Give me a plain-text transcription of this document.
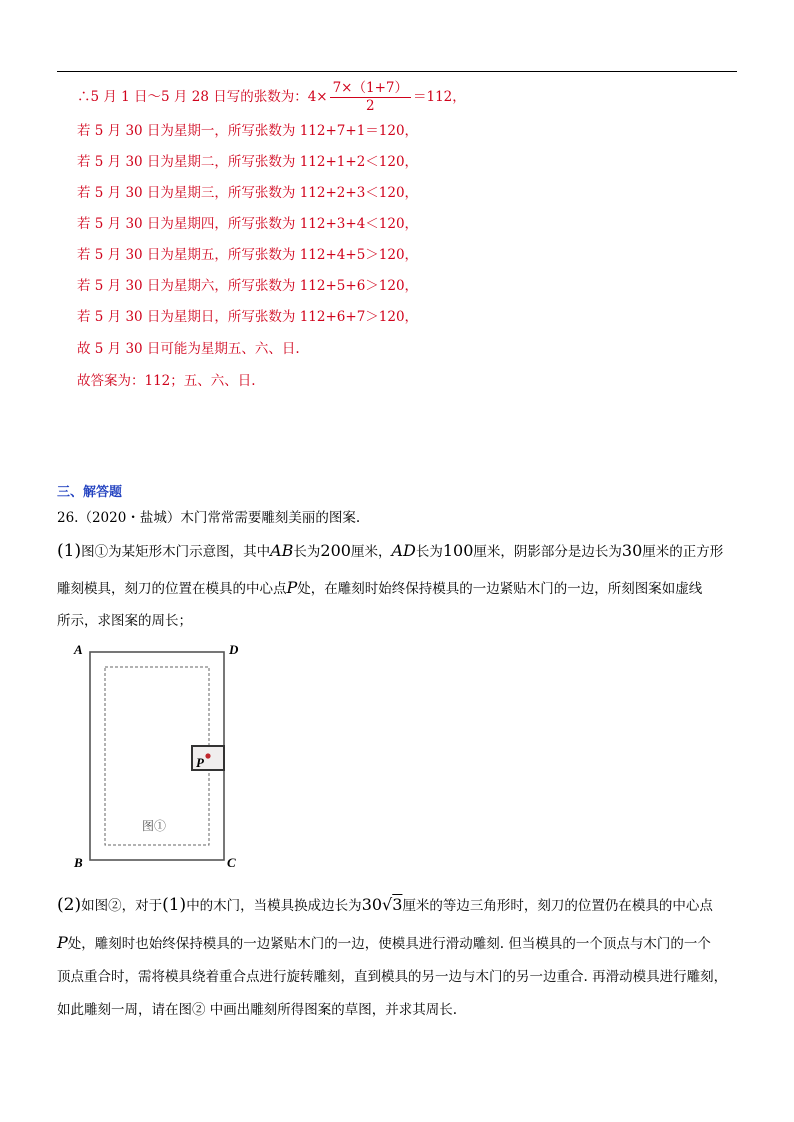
∴5 月 1 日～5 月 28 日写的张数为：$4\times \frac{7\times(1+7)}{2} =112$，
若 5 月 30 日为星期一，所写张数为 112+7+1＝120，
若 5 月 30 日为星期二，所写张数为 112+1+2＜120，
若 5 月 30 日为星期三，所写张数为 112+2+3＜120，
若 5 月 30 日为星期四，所写张数为 112+3+4＜120，
若 5 月 30 日为星期五，所写张数为 112+4+5＞120，
若 5 月 30 日为星期六，所写张数为 112+5+6＞120，
若 5 月 30 日为星期日，所写张数为 112+6+7＞120，
故 5 月 30 日可能为星期五、六、日.
故答案为：112；五、六、日.
三、解答题
26.（2020・盐城）木门常常需要雕刻美丽的图案.
(1)图①为某矩形木门示意图，其中AB长为200厘米，AD长为100厘米，阴影部分是边长为30厘米的正方形
雕刻模具，刻刀的位置在模具的中心点P处，在雕刻时始终保持模具的一边紧贴木门的一边，所刻图案如虚线
所示，求图案的周长；
A	D
B	C
P
图①
(2)如图②，对于(1)中的木门，当模具换成边长为30√3厘米的等边三角形时，刻刀的位置仍在模具的中心点
P处，雕刻时也始终保持模具的一边紧贴木门的一边，使模具进行滑动雕刻. 但当模具的一个顶点与木门的一个
顶点重合时，需将模具绕着重合点进行旋转雕刻，直到模具的另一边与木门的另一边重合. 再滑动模具进行雕刻，
如此雕刻一周，请在图② 中画出雕刻所得图案的草图，并求其周长.
